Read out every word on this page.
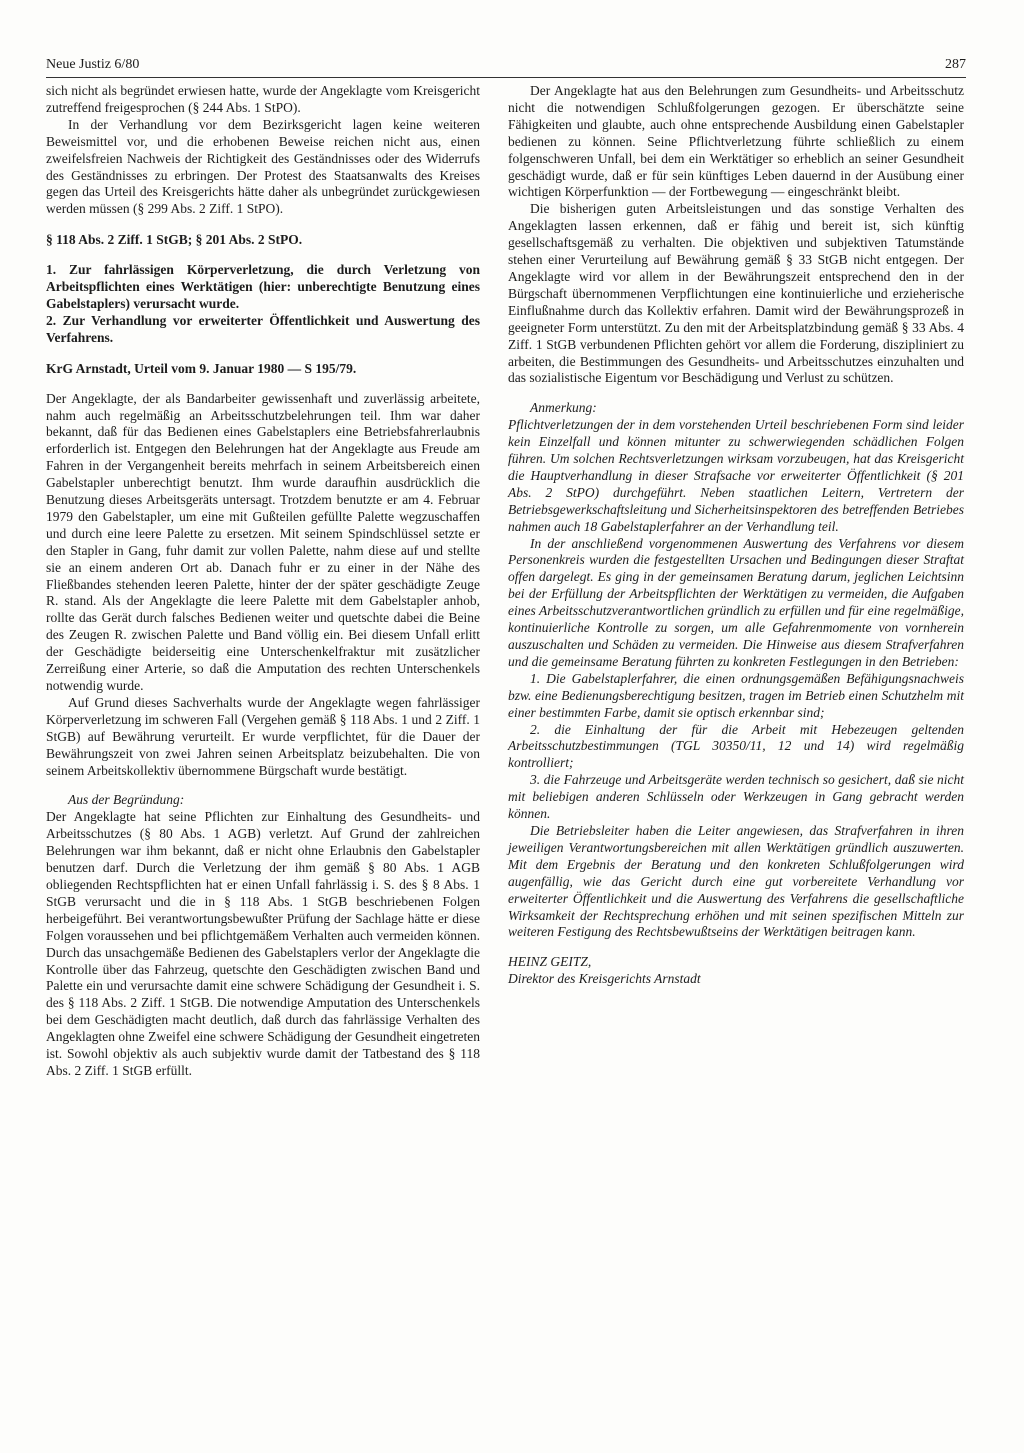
Neue Justiz 6/80	287

sich nicht als begründet erwiesen hatte, wurde der Angeklagte vom Kreisgericht zutreffend freigesprochen (§ 244 Abs. 1 StPO).

In der Verhandlung vor dem Bezirksgericht lagen keine weiteren Beweismittel vor, und die erhobenen Beweise reichen nicht aus, einen zweifelsfreien Nachweis der Richtigkeit des Geständnisses oder des Widerrufs des Geständnisses zu erbringen. Der Protest des Staatsanwalts des Kreises gegen das Urteil des Kreisgerichts hätte daher als unbegründet zurückgewiesen werden müssen (§ 299 Abs. 2 Ziff. 1 StPO).

§ 118 Abs. 2 Ziff. 1 StGB; § 201 Abs. 2 StPO.

1. Zur fahrlässigen Körperverletzung, die durch Verletzung von Arbeitspflichten eines Werktätigen (hier: unberechtigte Benutzung eines Gabelstaplers) verursacht wurde.

2. Zur Verhandlung vor erweiterter Öffentlichkeit und Auswertung des Verfahrens.

KrG Arnstadt, Urteil vom 9. Januar 1980 — S 195/79.

Der Angeklagte, der als Bandarbeiter gewissenhaft und zuverlässig arbeitete, nahm auch regelmäßig an Arbeitsschutzbelehrungen teil. Ihm war daher bekannt, daß für das Bedienen eines Gabelstaplers eine Betriebsfahrerlaubnis erforderlich ist. Entgegen den Belehrungen hat der Angeklagte aus Freude am Fahren in der Vergangenheit bereits mehrfach in seinem Arbeitsbereich einen Gabelstapler unberechtigt benutzt. Ihm wurde daraufhin ausdrücklich die Benutzung dieses Arbeitsgeräts untersagt. Trotzdem benutzte er am 4. Februar 1979 den Gabelstapler, um eine mit Gußteilen gefüllte Palette wegzuschaffen und durch eine leere Palette zu ersetzen. Mit seinem Spindschlüssel setzte er den Stapler in Gang, fuhr damit zur vollen Palette, nahm diese auf und stellte sie an einem anderen Ort ab. Danach fuhr er zu einer in der Nähe des Fließbandes stehenden leeren Palette, hinter der der später geschädigte Zeuge R. stand. Als der Angeklagte die leere Palette mit dem Gabelstapler anhob, rollte das Gerät durch falsches Bedienen weiter und quetschte dabei die Beine des Zeugen R. zwischen Palette und Band völlig ein. Bei diesem Unfall erlitt der Geschädigte beiderseitig eine Unterschenkelfraktur mit zusätzlicher Zerreißung einer Arterie, so daß die Amputation des rechten Unterschenkels notwendig wurde.

Auf Grund dieses Sachverhalts wurde der Angeklagte wegen fahrlässiger Körperverletzung im schweren Fall (Vergehen gemäß § 118 Abs. 1 und 2 Ziff. 1 StGB) auf Bewährung verurteilt. Er wurde verpflichtet, für die Dauer der Bewährungszeit von zwei Jahren seinen Arbeitsplatz beizubehalten. Die von seinem Arbeitskollektiv übernommene Bürgschaft wurde bestätigt.

Aus der Begründung:

Der Angeklagte hat seine Pflichten zur Einhaltung des Gesundheits- und Arbeitsschutzes (§ 80 Abs. 1 AGB) verletzt. Auf Grund der zahlreichen Belehrungen war ihm bekannt, daß er nicht ohne Erlaubnis den Gabelstapler benutzen darf. Durch die Verletzung der ihm gemäß § 80 Abs. 1 AGB obliegenden Rechtspflichten hat er einen Unfall fahrlässig i. S. des § 8 Abs. 1 StGB verursacht und die in § 118 Abs. 1 StGB beschriebenen Folgen herbeigeführt. Bei verantwortungsbewußter Prüfung der Sachlage hätte er diese Folgen voraussehen und bei pflichtgemäßem Verhalten auch vermeiden können. Durch das unsachgemäße Bedienen des Gabelstaplers verlor der Angeklagte die Kontrolle über das Fahrzeug, quetschte den Geschädigten zwischen Band und Palette ein und verursachte damit eine schwere Schädigung der Gesundheit i. S. des § 118 Abs. 2 Ziff. 1 StGB. Die notwendige Amputation des Unterschenkels bei dem Geschädigten macht deutlich, daß durch das fahrlässige Verhalten des Angeklagten ohne Zweifel eine schwere Schädigung der Gesundheit eingetreten ist. Sowohl objektiv als auch subjektiv wurde damit der Tatbestand des § 118 Abs. 2 Ziff. 1 StGB erfüllt.

Der Angeklagte hat aus den Belehrungen zum Gesundheits- und Arbeitsschutz nicht die notwendigen Schlußfolgerungen gezogen. Er überschätzte seine Fähigkeiten und glaubte, auch ohne entsprechende Ausbildung einen Gabelstapler bedienen zu können. Seine Pflichtverletzung führte schließlich zu einem folgenschweren Unfall, bei dem ein Werktätiger so erheblich an seiner Gesundheit geschädigt wurde, daß er für sein künftiges Leben dauernd in der Ausübung einer wichtigen Körperfunktion — der Fortbewegung — eingeschränkt bleibt.

Die bisherigen guten Arbeitsleistungen und das sonstige Verhalten des Angeklagten lassen erkennen, daß er fähig und bereit ist, sich künftig gesellschaftsgemäß zu verhalten. Die objektiven und subjektiven Tatumstände stehen einer Verurteilung auf Bewährung gemäß § 33 StGB nicht entgegen. Der Angeklagte wird vor allem in der Bewährungszeit entsprechend den in der Bürgschaft übernommenen Verpflichtungen eine kontinuierliche und erzieherische Einflußnahme durch das Kollektiv erfahren. Damit wird der Bewährungsprozeß in geeigneter Form unterstützt. Zu den mit der Arbeitsplatzbindung gemäß § 33 Abs. 4 Ziff. 1 StGB verbundenen Pflichten gehört vor allem die Forderung, diszipliniert zu arbeiten, die Bestimmungen des Gesundheits- und Arbeitsschutzes einzuhalten und das sozialistische Eigentum vor Beschädigung und Verlust zu schützen.

Anmerkung:

Pflichtverletzungen der in dem vorstehenden Urteil beschriebenen Form sind leider kein Einzelfall und können mitunter zu schwerwiegenden schädlichen Folgen führen. Um solchen Rechtsverletzungen wirksam vorzubeugen, hat das Kreisgericht die Hauptverhandlung in dieser Strafsache vor erweiterter Öffentlichkeit (§ 201 Abs. 2 StPO) durchgeführt. Neben staatlichen Leitern, Vertretern der Betriebsgewerkschaftsleitung und Sicherheitsinspektoren des betreffenden Betriebes nahmen auch 18 Gabelstaplerfahrer an der Verhandlung teil.

In der anschließend vorgenommenen Auswertung des Verfahrens vor diesem Personenkreis wurden die festgestellten Ursachen und Bedingungen dieser Straftat offen dargelegt. Es ging in der gemeinsamen Beratung darum, jeglichen Leichtsinn bei der Erfüllung der Arbeitspflichten der Werktätigen zu vermeiden, die Aufgaben eines Arbeitsschutzverantwortlichen gründlich zu erfüllen und für eine regelmäßige, kontinuierliche Kontrolle zu sorgen, um alle Gefahrenmomente von vornherein auszuschalten und Schäden zu vermeiden. Die Hinweise aus diesem Strafverfahren und die gemeinsame Beratung führten zu konkreten Festlegungen in den Betrieben:

1. Die Gabelstaplerfahrer, die einen ordnungsgemäßen Befähigungsnachweis bzw. eine Bedienungsberechtigung besitzen, tragen im Betrieb einen Schutzhelm mit einer bestimmten Farbe, damit sie optisch erkennbar sind;

2. die Einhaltung der für die Arbeit mit Hebezeugen geltenden Arbeitsschutzbestimmungen (TGL 30350/11, 12 und 14) wird regelmäßig kontrolliert;

3. die Fahrzeuge und Arbeitsgeräte werden technisch so gesichert, daß sie nicht mit beliebigen anderen Schlüsseln oder Werkzeugen in Gang gebracht werden können.

Die Betriebsleiter haben die Leiter angewiesen, das Strafverfahren in ihren jeweiligen Verantwortungsbereichen mit allen Werktätigen gründlich auszuwerten. Mit dem Ergebnis der Beratung und den konkreten Schlußfolgerungen wird augenfällig, wie das Gericht durch eine gut vorbereitete Verhandlung vor erweiterter Öffentlichkeit und die Auswertung des Verfahrens die gesellschaftliche Wirksamkeit der Rechtsprechung erhöhen und mit seinen spezifischen Mitteln zur weiteren Festigung des Rechtsbewußtseins der Werktätigen beitragen kann.

HEINZ GEITZ,

Direktor des Kreisgerichts Arnstadt
